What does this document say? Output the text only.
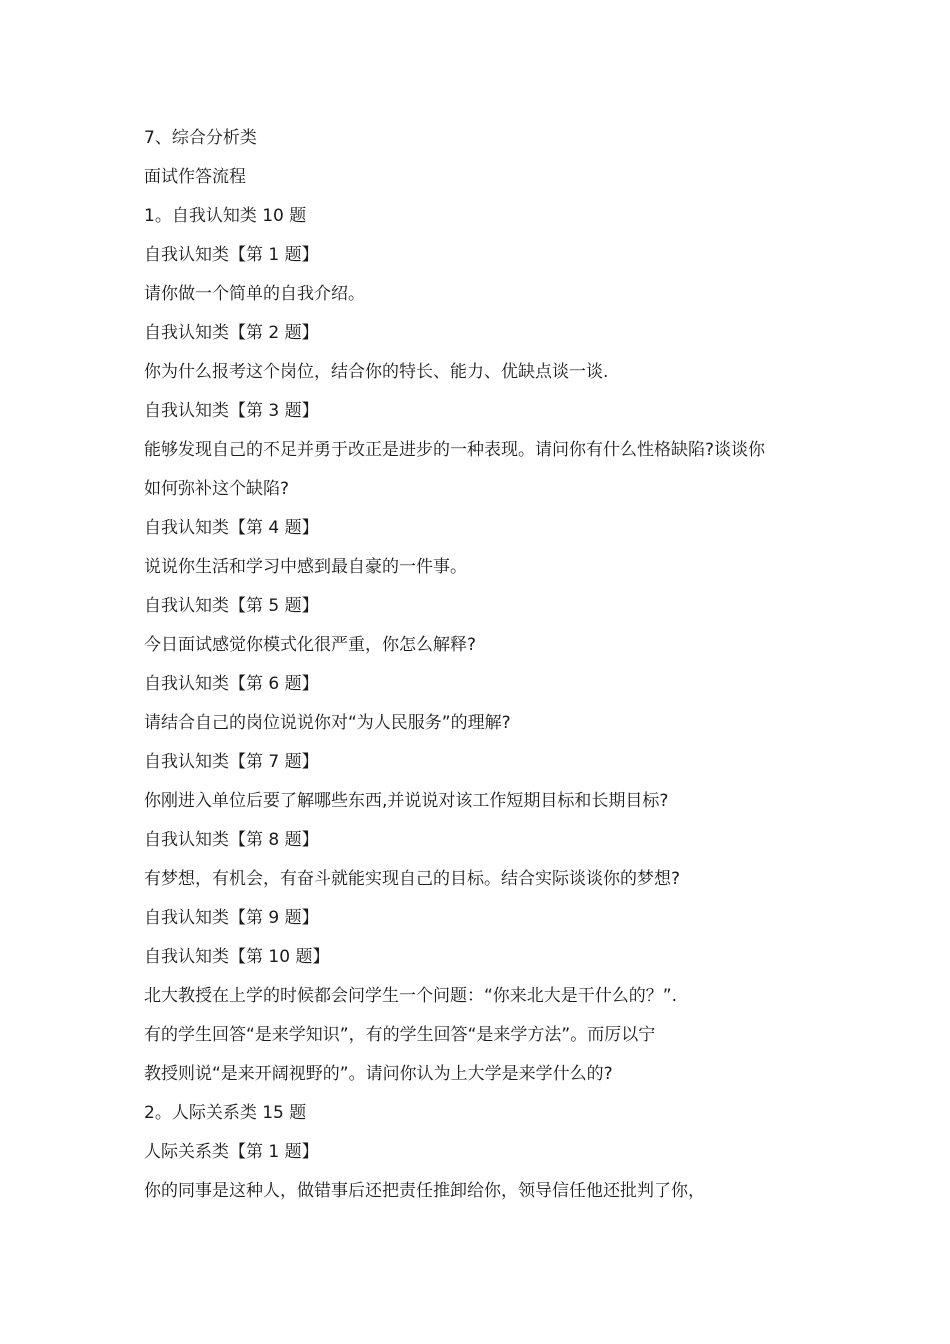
7、综合分析类
面试作答流程
1。自我认知类 10 题
自我认知类【第 1 题】
请你做一个简单的自我介绍。
自我认知类【第 2 题】
你为什么报考这个岗位，结合你的特长、能力、优缺点谈一谈.
自我认知类【第 3 题】
能够发现自己的不足并勇于改正是进步的一种表现。请问你有什么性格缺陷?谈谈你
如何弥补这个缺陷?
自我认知类【第 4 题】
说说你生活和学习中感到最自豪的一件事。
自我认知类【第 5 题】
今日面试感觉你模式化很严重，你怎么解释?
自我认知类【第 6 题】
请结合自己的岗位说说你对“为人民服务”的理解?
自我认知类【第 7 题】
你刚进入单位后要了解哪些东西,并说说对该工作短期目标和长期目标?
自我认知类【第 8 题】
有梦想，有机会，有奋斗就能实现自己的目标。结合实际谈谈你的梦想?
自我认知类【第 9 题】
自我认知类【第 10 题】
北大教授在上学的时候都会问学生一个问题：“你来北大是干什么的？”.
有的学生回答“是来学知识”，有的学生回答“是来学方法”。而厉以宁
教授则说“是来开阔视野的”。请问你认为上大学是来学什么的?
2。人际关系类 15 题
人际关系类【第 1 题】
你的同事是这种人，做错事后还把责任推卸给你，领导信任他还批判了你，
